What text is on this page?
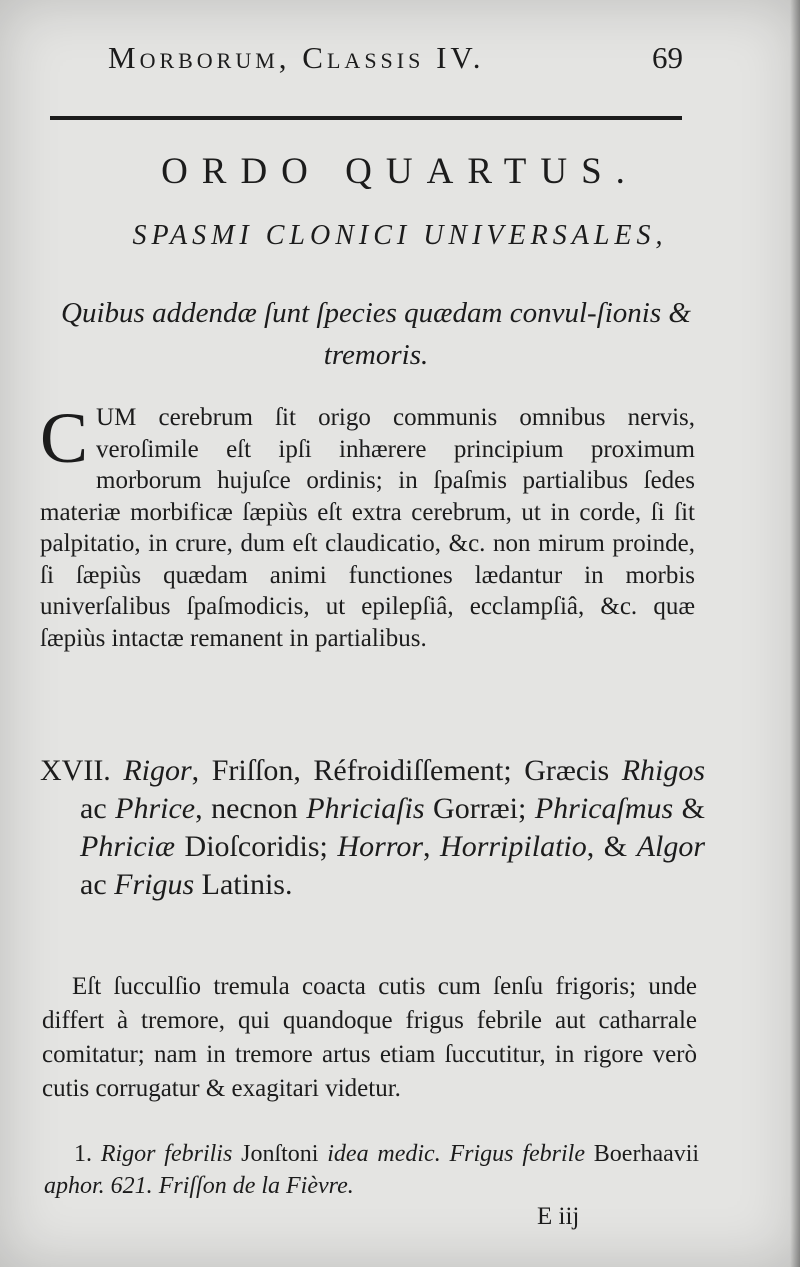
Morborum, Classis IV.	69
ORDO QUARTUS.
SPASMI CLONICI UNIVERSALES,
Quibus addendæ ſunt ſpecies quædam convul-ſionis & tremoris.
CUM cerebrum ſit origo communis omnibus nervis, veroſimile eſt ipſi inhærere principium proximum morborum hujuſce ordinis; in ſpaſmis partialibus ſedes materiæ morbificæ ſæpiùs eſt extra cerebrum, ut in corde, ſi ſit palpitatio, in crure, dum eſt claudicatio, &c. non mirum proinde, ſi ſæpiùs quædam animi functiones lædantur in morbis univerſalibus ſpaſmodicis, ut epilepſiâ, ecclampſiâ, &c. quæ ſæpiùs intactæ remanent in partialibus.
XVII. Rigor, Friſſon, Réfroidiſſement; Græcis Rhigos ac Phrice, necnon Phriciaſis Gorræi; Phricaſmus & Phriciæ Dioſcoridis; Horror, Horripilatio, & Algor ac Frigus Latinis.
Eſt ſucculſio tremula coacta cutis cum ſenſu frigoris; unde differt à tremore, qui quandoque frigus febrile aut catharrale comitatur; nam in tremore artus etiam ſuccutitur, in rigore verò cutis corrugatur & exagitari videtur.
1. Rigor febrilis Jonſtoni idea medic. Frigus febrile Boerhaavii aphor. 621. Friſſon de la Fièvre.
E iij
